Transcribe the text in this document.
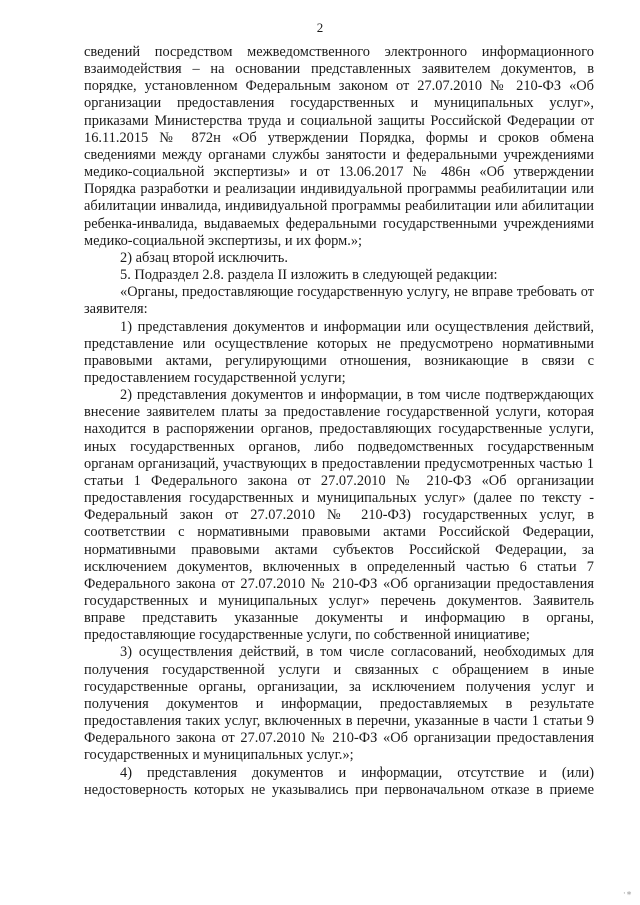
2

сведений посредством межведомственного электронного информационного взаимодействия – на основании представленных заявителем документов, в порядке, установленном Федеральным законом от 27.07.2010 № 210-ФЗ «Об организации предоставления государственных и муниципальных услуг», приказами Министерства труда и социальной защиты Российской Федерации от 16.11.2015 № 872н «Об утверждении Порядка, формы и сроков обмена сведениями между органами службы занятости и федеральными учреждениями медико-социальной экспертизы» и от 13.06.2017 № 486н «Об утверждении Порядка разработки и реализации индивидуальной программы реабилитации или абилитации инвалида, индивидуальной программы реабилитации или абилитации ребенка-инвалида, выдаваемых федеральными государственными учреждениями медико-социальной экспертизы, и их форм.»;

2) абзац второй исключить.

5. Подраздел 2.8. раздела II изложить в следующей редакции:

«Органы, предоставляющие государственную услугу, не вправе требовать от заявителя:

1) представления документов и информации или осуществления действий, представление или осуществление которых не предусмотрено нормативными правовыми актами, регулирующими отношения, возникающие в связи с предоставлением государственной услуги;

2) представления документов и информации, в том числе подтверждающих внесение заявителем платы за предоставление государственной услуги, которая находится в распоряжении органов, предоставляющих государственные услуги, иных государственных органов, либо подведомственных государственным органам организаций, участвующих в предоставлении предусмотренных частью 1 статьи 1 Федерального закона от 27.07.2010 № 210-ФЗ «Об организации предоставления государственных и муниципальных услуг» (далее по тексту - Федеральный закон от 27.07.2010 № 210-ФЗ) государственных услуг, в соответствии с нормативными правовыми актами Российской Федерации, нормативными правовыми актами субъектов Российской Федерации, за исключением документов, включенных в определенный частью 6 статьи 7 Федерального закона от 27.07.2010 № 210-ФЗ «Об организации предоставления государственных и муниципальных услуг» перечень документов. Заявитель вправе представить указанные документы и информацию в органы, предоставляющие государственные услуги, по собственной инициативе;

3) осуществления действий, в том числе согласований, необходимых для получения государственной услуги и связанных с обращением в иные государственные органы, организации, за исключением получения услуг и получения документов и информации, предоставляемых в результате предоставления таких услуг, включенных в перечни, указанные в части 1 статьи 9 Федерального закона от 27.07.2010 № 210-ФЗ «Об организации предоставления государственных и муниципальных услуг.»;

4) представления документов и информации, отсутствие и (или) недостоверность которых не указывались при первоначальном отказе в приеме

·∗
